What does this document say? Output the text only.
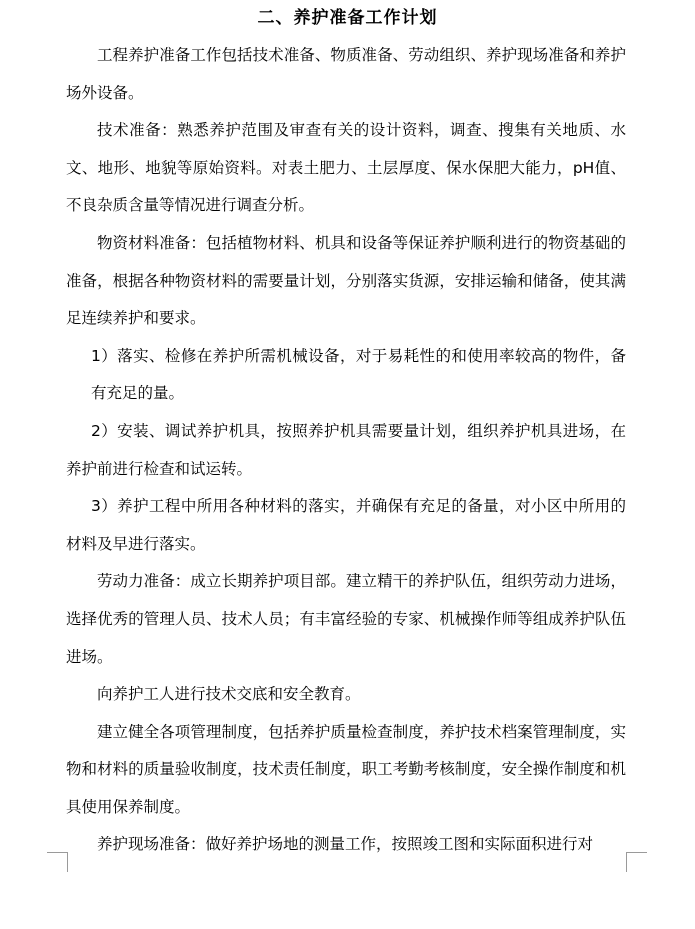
二、养护准备工作计划

工程养护准备工作包括技术准备、物质准备、劳动组织、养护现场准备和养护场外设备。

技术准备：熟悉养护范围及审查有关的设计资料，调查、搜集有关地质、水文、地形、地貌等原始资料。对表土肥力、土层厚度、保水保肥大能力，pH值、不良杂质含量等情况进行调查分析。

物资材料准备：包括植物材料、机具和设备等保证养护顺利进行的物资基础的准备，根据各种物资材料的需要量计划，分别落实货源，安排运输和储备，使其满足连续养护和要求。

1）落实、检修在养护所需机械设备，对于易耗性的和使用率较高的物件，备有充足的量。

2）安装、调试养护机具，按照养护机具需要量计划，组织养护机具进场，在养护前进行检查和试运转。

3）养护工程中所用各种材料的落实，并确保有充足的备量，对小区中所用的材料及早进行落实。

劳动力准备：成立长期养护项目部。建立精干的养护队伍，组织劳动力进场，选择优秀的管理人员、技术人员；有丰富经验的专家、机械操作师等组成养护队伍进场。

向养护工人进行技术交底和安全教育。

建立健全各项管理制度，包括养护质量检查制度，养护技术档案管理制度，实物和材料的质量验收制度，技术责任制度，职工考勤考核制度，安全操作制度和机具使用保养制度。

养护现场准备：做好养护场地的测量工作，按照竣工图和实际面积进行对
